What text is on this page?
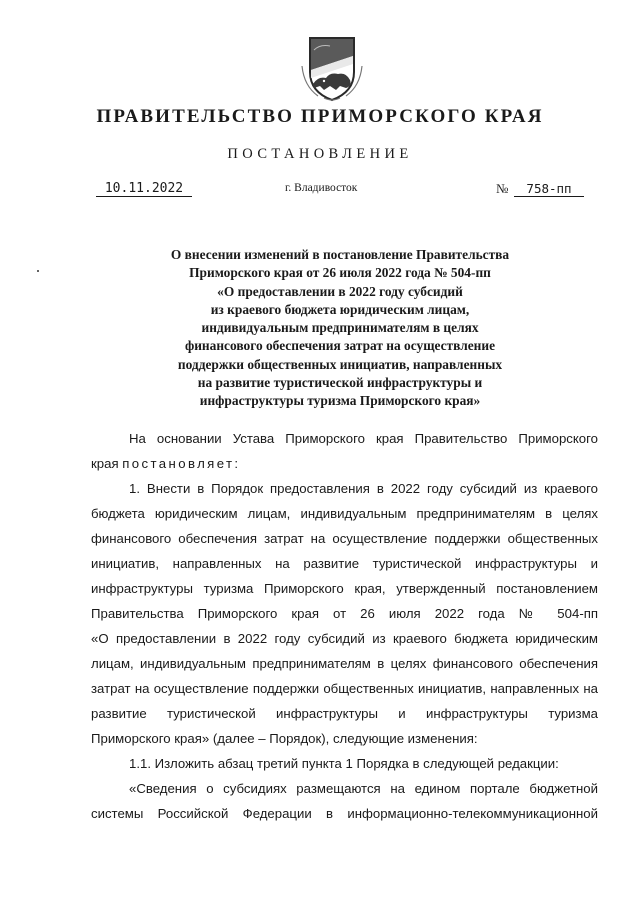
ПРАВИТЕЛЬСТВО ПРИМОРСКОГО КРАЯ
ПОСТАНОВЛЕНИЕ
10.11.2022	г. Владивосток	№	758-пп
О внесении изменений в постановление Правительства
Приморского края от 26 июля 2022 года № 504-пп
«О предоставлении в 2022 году субсидий
из краевого бюджета юридическим лицам,
индивидуальным предпринимателям в целях
финансового обеспечения затрат на осуществление
поддержки общественных инициатив, направленных
на развитие туристической инфраструктуры и
инфраструктуры туризма Приморского края»
На основании Устава Приморского края Правительство Приморского
края постановляет:
1. Внести в Порядок предоставления в 2022 году субсидий из краевого
бюджета юридическим лицам, индивидуальным предпринимателям в целях
финансового обеспечения затрат на осуществление поддержки общественных
инициатив, направленных на развитие туристической инфраструктуры и
инфраструктуры туризма Приморского края, утвержденный постановлением
Правительства Приморского края от 26 июля 2022 года № 504-пп
«О предоставлении в 2022 году субсидий из краевого бюджета юридическим
лицам, индивидуальным предпринимателям в целях финансового обеспечения
затрат на осуществление поддержки общественных инициатив, направленных на
развитие туристической инфраструктуры и инфраструктуры туризма
Приморского края» (далее – Порядок), следующие изменения:
1.1. Изложить абзац третий пункта 1 Порядка в следующей редакции:
«Сведения о субсидиях размещаются на едином портале бюджетной
системы Российской Федерации в информационно-телекоммуникационной
